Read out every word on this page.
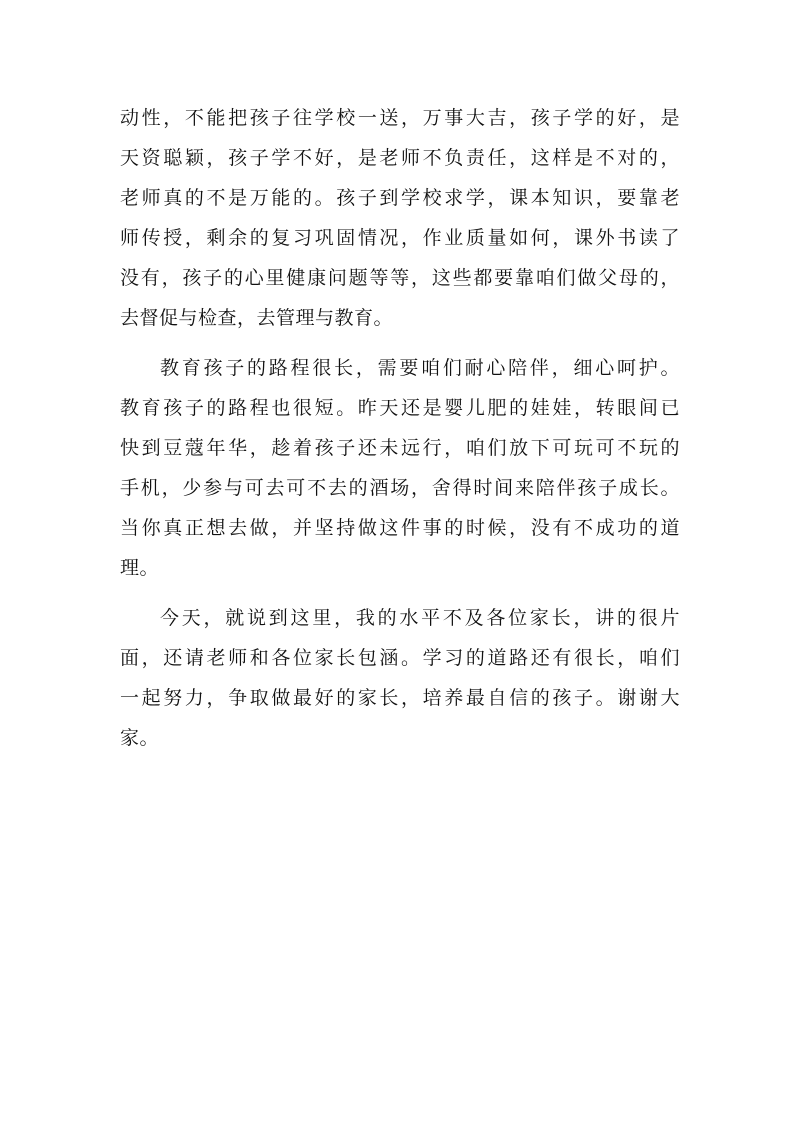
动性，不能把孩子往学校一送，万事大吉，孩子学的好，是
天资聪颖，孩子学不好，是老师不负责任，这样是不对的，
老师真的不是万能的。孩子到学校求学，课本知识，要靠老
师传授，剩余的复习巩固情况，作业质量如何，课外书读了
没有，孩子的心里健康问题等等，这些都要靠咱们做父母的，
去督促与检查，去管理与教育。
教育孩子的路程很长，需要咱们耐心陪伴，细心呵护。
教育孩子的路程也很短。昨天还是婴儿肥的娃娃，转眼间已
快到豆蔻年华，趁着孩子还未远行，咱们放下可玩可不玩的
手机，少参与可去可不去的酒场，舍得时间来陪伴孩子成长。
当你真正想去做，并坚持做这件事的时候，没有不成功的道
理。
今天，就说到这里，我的水平不及各位家长，讲的很片
面，还请老师和各位家长包涵。学习的道路还有很长，咱们
一起努力，争取做最好的家长，培养最自信的孩子。谢谢大
家。
